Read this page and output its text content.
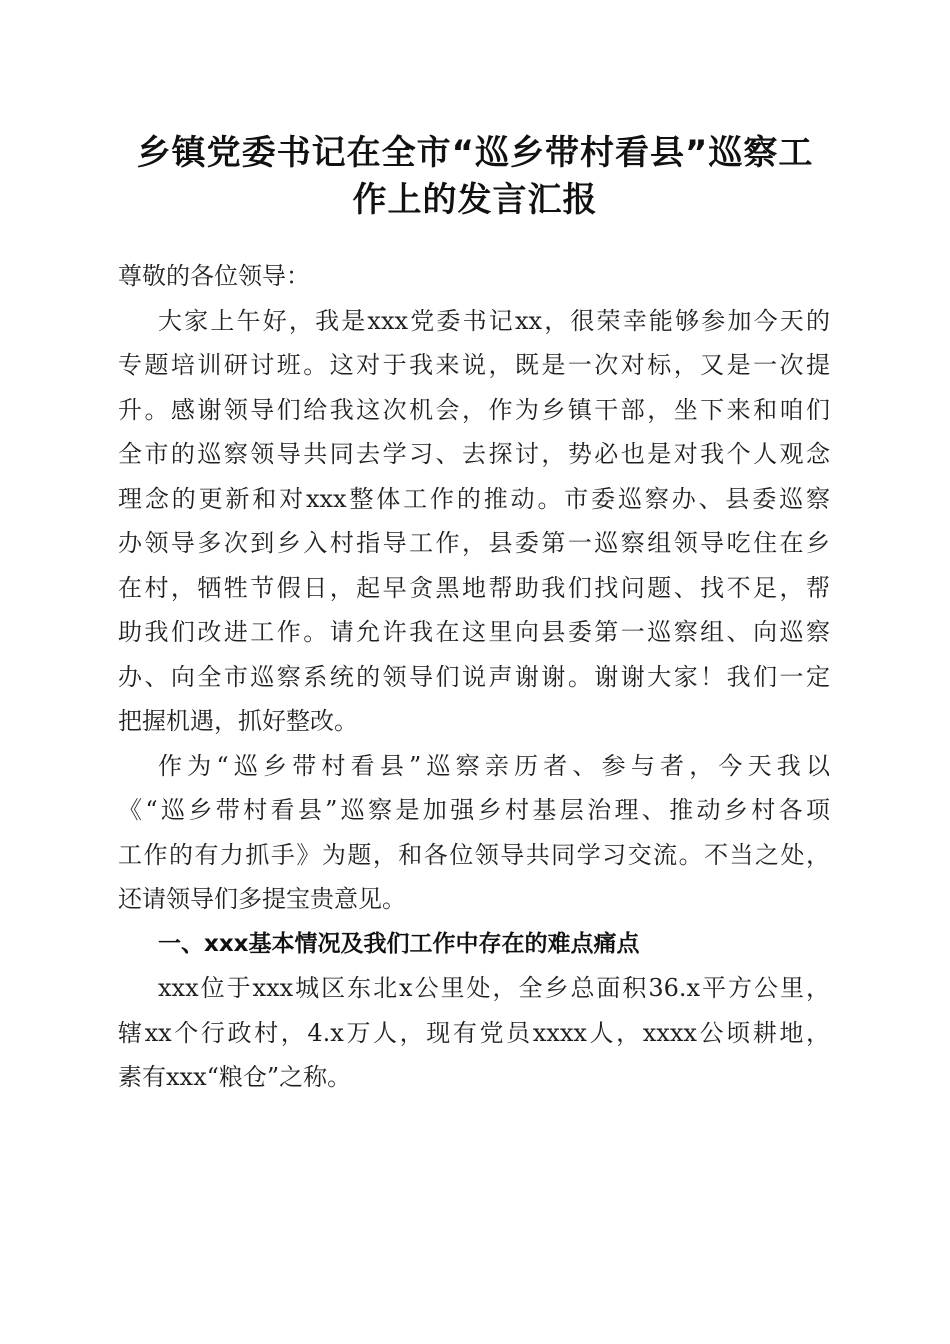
乡镇党委书记在全市“巡乡带村看县”巡察工
作上的发言汇报
尊敬的各位领导：
大家上午好，我是xxx党委书记xx，很荣幸能够参加今天的
专题培训研讨班。这对于我来说，既是一次对标，又是一次提
升。感谢领导们给我这次机会，作为乡镇干部，坐下来和咱们
全市的巡察领导共同去学习、去探讨，势必也是对我个人观念
理念的更新和对xxx整体工作的推动。市委巡察办、县委巡察
办领导多次到乡入村指导工作，县委第一巡察组领导吃住在乡
在村，牺牲节假日，起早贪黑地帮助我们找问题、找不足，帮
助我们改进工作。请允许我在这里向县委第一巡察组、向巡察
办、向全市巡察系统的领导们说声谢谢。谢谢大家！我们一定
把握机遇，抓好整改。
作为“巡乡带村看县”巡察亲历者、参与者，今天我以
《“巡乡带村看县”巡察是加强乡村基层治理、推动乡村各项
工作的有力抓手》为题，和各位领导共同学习交流。不当之处，
还请领导们多提宝贵意见。
一、xxx基本情况及我们工作中存在的难点痛点
xxx位于xxx城区东北x公里处，全乡总面积36.x平方公里，
辖xx个行政村，4.x万人，现有党员xxxx人，xxxx公顷耕地，
素有xxx“粮仓”之称。
